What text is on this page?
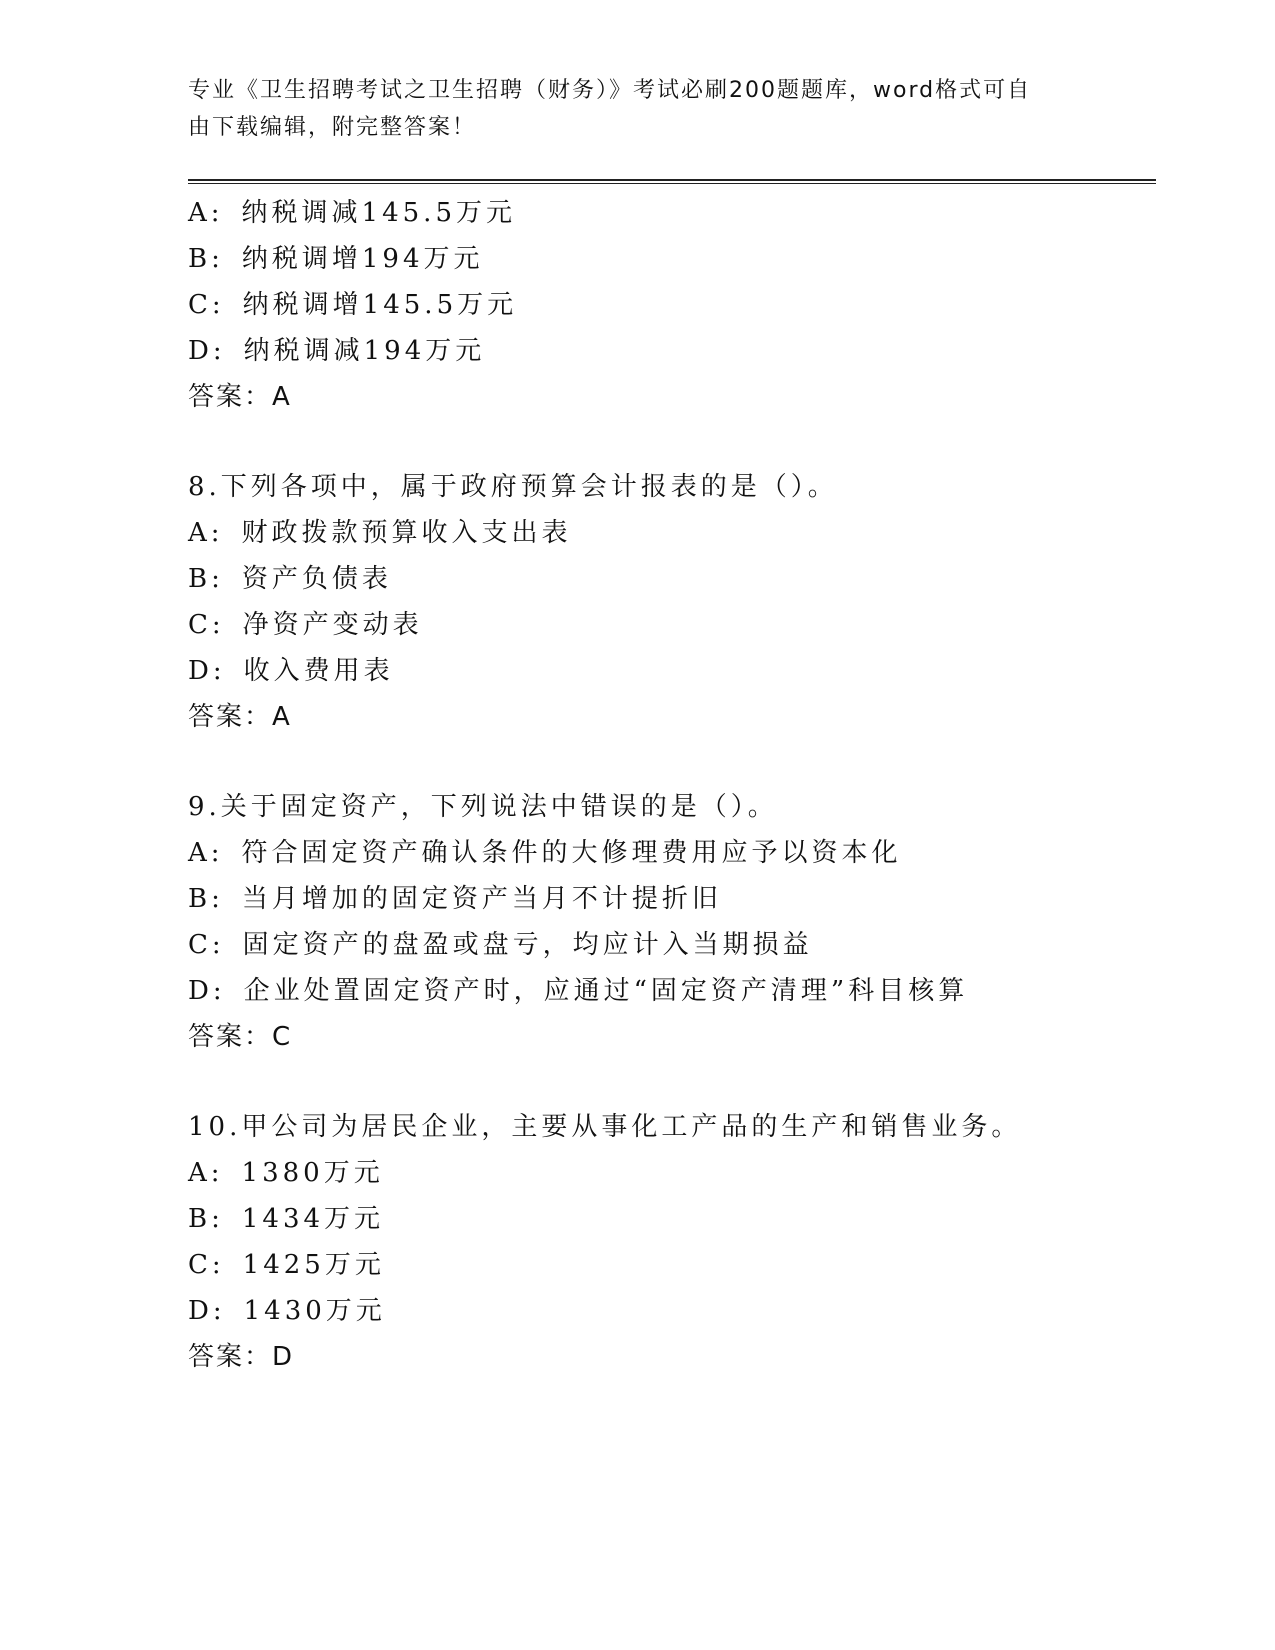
专业《卫生招聘考试之卫生招聘（财务）》考试必刷200题题库，word格式可自
由下载编辑，附完整答案！
A: 纳税调减145.5万元
B: 纳税调增194万元
C: 纳税调增145.5万元
D: 纳税调减194万元
答案：A
8.下列各项中，属于政府预算会计报表的是（）。
A: 财政拨款预算收入支出表
B: 资产负债表
C: 净资产变动表
D: 收入费用表
答案：A
9.关于固定资产，下列说法中错误的是（）。
A: 符合固定资产确认条件的大修理费用应予以资本化
B: 当月增加的固定资产当月不计提折旧
C: 固定资产的盘盈或盘亏，均应计入当期损益
D: 企业处置固定资产时，应通过“固定资产清理”科目核算
答案：C
10.甲公司为居民企业，主要从事化工产品的生产和销售业务。
A: 1380万元
B: 1434万元
C: 1425万元
D: 1430万元
答案：D
